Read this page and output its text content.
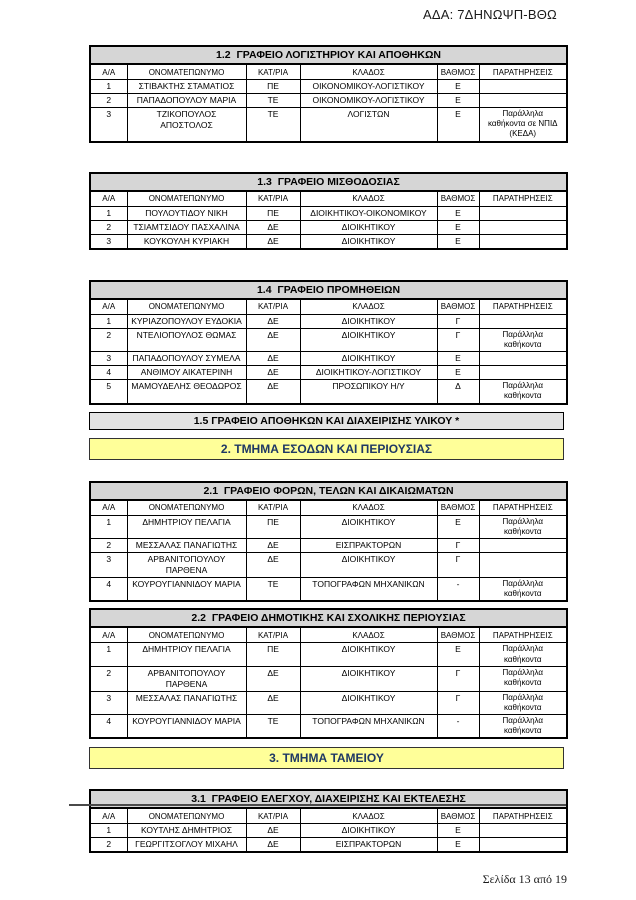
ΑΔΑ: 7ΔΗΝΩΨΠ-ΒΘΩ
1.2  ΓΡΑΦΕΙΟ ΛΟΓΙΣΤΗΡΙΟΥ ΚΑΙ ΑΠΟΘΗΚΩΝ					
Α/Α	ΟΝΟΜΑΤΕΠΩΝΥΜΟ	ΚΑΤ/ΡΙΑ	ΚΛΑΔΟΣ	ΒΑΘΜΟΣ	ΠΑΡΑΤΗΡΗΣΕΙΣ
1	ΣΤΙΒΑΚΤΗΣ ΣΤΑΜΑΤΙΟΣ	ΠΕ	ΟΙΚΟΝΟΜΙΚΟΥ-ΛΟΓΙΣΤΙΚΟΥ	Ε	
2	ΠΑΠΑΔΟΠΟΥΛΟΥ ΜΑΡΙΑ	ΤΕ	ΟΙΚΟΝΟΜΙΚΟΥ-ΛΟΓΙΣΤΙΚΟΥ	Ε	
3	ΤΖΙΚΟΠΟΥΛΟΣ ΑΠΟΣΤΟΛΟΣ	ΤΕ	ΛΟΓΙΣΤΩΝ	Ε	Παράλληλα καθήκοντα σε ΝΠΙΔ (ΚΕΔΑ)
1.3  ΓΡΑΦΕΙΟ ΜΙΣΘΟΔΟΣΙΑΣ					
Α/Α	ΟΝΟΜΑΤΕΠΩΝΥΜΟ	ΚΑΤ/ΡΙΑ	ΚΛΑΔΟΣ	ΒΑΘΜΟΣ	ΠΑΡΑΤΗΡΗΣΕΙΣ
1	ΠΟΥΛΟΥΤΙΔΟΥ ΝΙΚΗ	ΠΕ	ΔΙΟΙΚΗΤΙΚΟΥ-ΟΙΚΟΝΟΜΙΚΟΥ	Ε	
2	ΤΣΙΑΜΤΣΙΔΟΥ ΠΑΣΧΑΛΙΝΑ	ΔΕ	ΔΙΟΙΚΗΤΙΚΟΥ	Ε	
3	ΚΟΥΚΟΥΛΗ ΚΥΡΙΑΚΗ	ΔΕ	ΔΙΟΙΚΗΤΙΚΟΥ	Ε	
1.4  ΓΡΑΦΕΙΟ ΠΡΟΜΗΘΕΙΩΝ					
Α/Α	ΟΝΟΜΑΤΕΠΩΝΥΜΟ	ΚΑΤ/ΡΙΑ	ΚΛΑΔΟΣ	ΒΑΘΜΟΣ	ΠΑΡΑΤΗΡΗΣΕΙΣ
1	ΚΥΡΙΑΖΟΠΟΥΛΟΥ ΕΥΔΟΚΙΑ	ΔΕ	ΔΙΟΙΚΗΤΙΚΟΥ	Γ	
2	ΝΤΕΛΙΟΠΟΥΛΟΣ ΘΩΜΑΣ	ΔΕ	ΔΙΟΙΚΗΤΙΚΟΥ	Γ	Παράλληλα καθήκοντα
3	ΠΑΠΑΔΟΠΟΥΛΟΥ ΣΥΜΕΛΑ	ΔΕ	ΔΙΟΙΚΗΤΙΚΟΥ	Ε	
4	ΑΝΘΙΜΟΥ ΑΙΚΑΤΕΡΙΝΗ	ΔΕ	ΔΙΟΙΚΗΤΙΚΟΥ-ΛΟΓΙΣΤΙΚΟΥ	Ε	
5	ΜΑΜΟΥΔΕΛΗΣ ΘΕΟΔΩΡΟΣ	ΔΕ	ΠΡΟΣΩΠΙΚΟΥ Η/Υ	Δ	Παράλληλα καθήκοντα
1.5 ΓΡΑΦΕΙΟ ΑΠΟΘΗΚΩΝ ΚΑΙ ΔΙΑΧΕΙΡΙΣΗΣ ΥΛΙΚΟΥ *
2. ΤΜΗΜΑ ΕΣΟΔΩΝ ΚΑΙ ΠΕΡΙΟΥΣΙΑΣ
2.1  ΓΡΑΦΕΙΟ ΦΟΡΩΝ, ΤΕΛΩΝ ΚΑΙ ΔΙΚΑΙΩΜΑΤΩΝ					
Α/Α	ΟΝΟΜΑΤΕΠΩΝΥΜΟ	ΚΑΤ/ΡΙΑ	ΚΛΑΔΟΣ	ΒΑΘΜΟΣ	ΠΑΡΑΤΗΡΗΣΕΙΣ
1	ΔΗΜΗΤΡΙΟΥ ΠΕΛΑΓΙΑ	ΠΕ	ΔΙΟΙΚΗΤΙΚΟΥ	Ε	Παράλληλα καθήκοντα
2	ΜΕΣΣΑΛΑΣ ΠΑΝΑΓΙΩΤΗΣ	ΔΕ	ΕΙΣΠΡΑΚΤΟΡΩΝ	Γ	
3	ΑΡΒΑΝΙΤΟΠΟΥΛΟΥ ΠΑΡΘΕΝΑ	ΔΕ	ΔΙΟΙΚΗΤΙΚΟΥ	Γ	
4	ΚΟΥΡΟΥΓΙΑΝΝΙΔΟΥ ΜΑΡΙΑ	ΤΕ	ΤΟΠΟΓΡΑΦΩΝ ΜΗΧΑΝΙΚΩΝ	-	Παράλληλα καθήκοντα
2.2  ΓΡΑΦΕΙΟ ΔΗΜΟΤΙΚΗΣ ΚΑΙ ΣΧΟΛΙΚΗΣ ΠΕΡΙΟΥΣΙΑΣ					
Α/Α	ΟΝΟΜΑΤΕΠΩΝΥΜΟ	ΚΑΤ/ΡΙΑ	ΚΛΑΔΟΣ	ΒΑΘΜΟΣ	ΠΑΡΑΤΗΡΗΣΕΙΣ
1	ΔΗΜΗΤΡΙΟΥ ΠΕΛΑΓΙΑ	ΠΕ	ΔΙΟΙΚΗΤΙΚΟΥ	Ε	Παράλληλα καθήκοντα
2	ΑΡΒΑΝΙΤΟΠΟΥΛΟΥ ΠΑΡΘΕΝΑ	ΔΕ	ΔΙΟΙΚΗΤΙΚΟΥ	Γ	Παράλληλα καθήκοντα
3	ΜΕΣΣΑΛΑΣ ΠΑΝΑΓΙΩΤΗΣ	ΔΕ	ΔΙΟΙΚΗΤΙΚΟΥ	Γ	Παράλληλα καθήκοντα
4	ΚΟΥΡΟΥΓΙΑΝΝΙΔΟΥ ΜΑΡΙΑ	ΤΕ	ΤΟΠΟΓΡΑΦΩΝ ΜΗΧΑΝΙΚΩΝ	-	Παράλληλα καθήκοντα
3. ΤΜΗΜΑ ΤΑΜΕΙΟΥ
3.1  ΓΡΑΦΕΙΟ ΕΛΕΓΧΟΥ, ΔΙΑΧΕΙΡΙΣΗΣ ΚΑΙ ΕΚΤΕΛΕΣΗΣ					
Α/Α	ΟΝΟΜΑΤΕΠΩΝΥΜΟ	ΚΑΤ/ΡΙΑ	ΚΛΑΔΟΣ	ΒΑΘΜΟΣ	ΠΑΡΑΤΗΡΗΣΕΙΣ
1	ΚΟΥΤΛΗΣ ΔΗΜΗΤΡΙΟΣ	ΔΕ	ΔΙΟΙΚΗΤΙΚΟΥ	Ε	
2	ΓΕΩΡΓΙΤΣΟΓΛΟΥ ΜΙΧΑΗΛ	ΔΕ	ΕΙΣΠΡΑΚΤΟΡΩΝ	Ε	
Σελίδα 13 από 19
